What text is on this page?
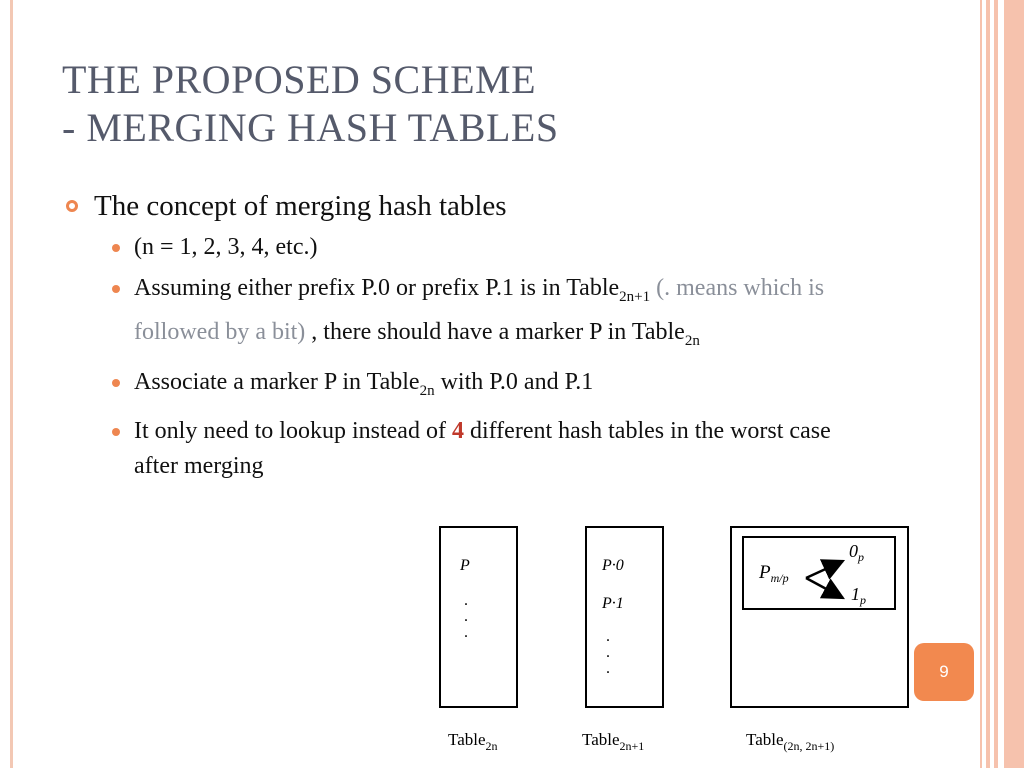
THE PROPOSED SCHEME
- MERGING HASH TABLES
The concept of merging hash tables
(n = 1, 2, 3, 4, etc.)
Assuming either prefix P.0 or prefix P.1 is in Table$_{2n+1}$ (. means which is followed by a bit) , there should have a marker P in Table$_{2n}$
Associate a marker P in Table$_{2n}$ with P.0 and P.1
It only need to lookup instead of 4 different hash tables in the worst case after merging
P
.
.
.
Table$_{2n}$
P·0
P·1
.
.
.
Table$_{2n+1}$
$P_{m/p}$
$0_p$
$1_p$
Table$_{(2n, 2n+1)}$
9
